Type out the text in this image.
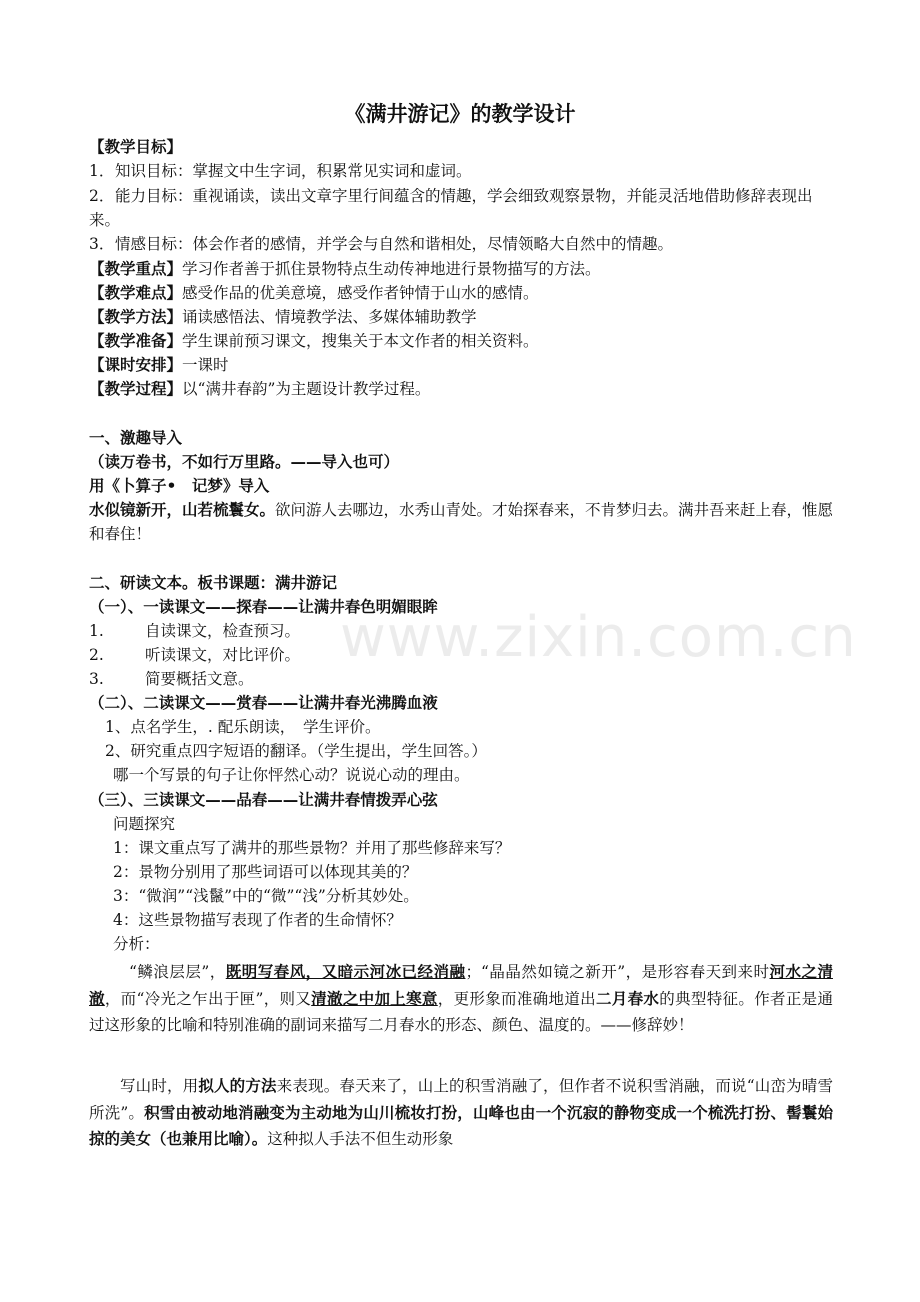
www.zixin.com.cn
《满井游记》的教学设计
【教学目标】
1．知识目标：掌握文中生字词，积累常见实词和虚词。
2．能力目标：重视诵读，读出文章字里行间蕴含的情趣，学会细致观察景物，并能灵活地借助修辞表现出来。
3．情感目标：体会作者的感情，并学会与自然和谐相处，尽情领略大自然中的情趣。
【教学重点】学习作者善于抓住景物特点生动传神地进行景物描写的方法。
【教学难点】感受作品的优美意境，感受作者钟情于山水的感情。
【教学方法】诵读感悟法、情境教学法、多媒体辅助教学
【教学准备】学生课前预习课文，搜集关于本文作者的相关资料。
【课时安排】一课时
【教学过程】以“满井春韵”为主题设计教学过程。
一、激趣导入
（读万卷书，不如行万里路。——导入也可）
用《卜算子•　记梦》导入
水似镜新开，山若梳鬟女。欲问游人去哪边，水秀山青处。才始探春来，不肯梦归去。满井吾来赶上春，惟愿和春住！
二、研读文本。板书课题：满井游记
（一）、一读课文——探春——让满井春色明媚眼眸
1.	自读课文，检查预习。
2.	听读课文，对比评价。
3.	简要概括文意。
（二）、二读课文——赏春——让满井春光沸腾血液
1、点名学生，. 配乐朗读，　学生评价。
2、研究重点四字短语的翻译。（学生提出，学生回答。）
哪一个写景的句子让你怦然心动？说说心动的理由。
（三）、三读课文——品春——让满井春情拨弄心弦
问题探究
1：课文重点写了满井的那些景物？并用了那些修辞来写？
2：景物分别用了那些词语可以体现其美的？
3：“微润”“浅鬣”中的“微”“浅”分析其妙处。
4：这些景物描写表现了作者的生命情怀？
分析：
“鳞浪层层”，既明写春风，又暗示河冰已经消融；“晶晶然如镜之新开”，是形容春天到来时河水之清澈，而“冷光之乍出于匣”，则又清澈之中加上寒意，更形象而准确地道出二月春水的典型特征。作者正是通过这形象的比喻和特别准确的副词来描写二月春水的形态、颜色、温度的。——修辞妙！
写山时，用拟人的方法来表现。春天来了，山上的积雪消融了，但作者不说积雪消融，而说“山峦为晴雪所洗”。积雪由被动地消融变为主动地为山川梳妆打扮，山峰也由一个沉寂的静物变成一个梳洗打扮、髻鬟始掠的美女（也兼用比喻）。这种拟人手法不但生动形象
